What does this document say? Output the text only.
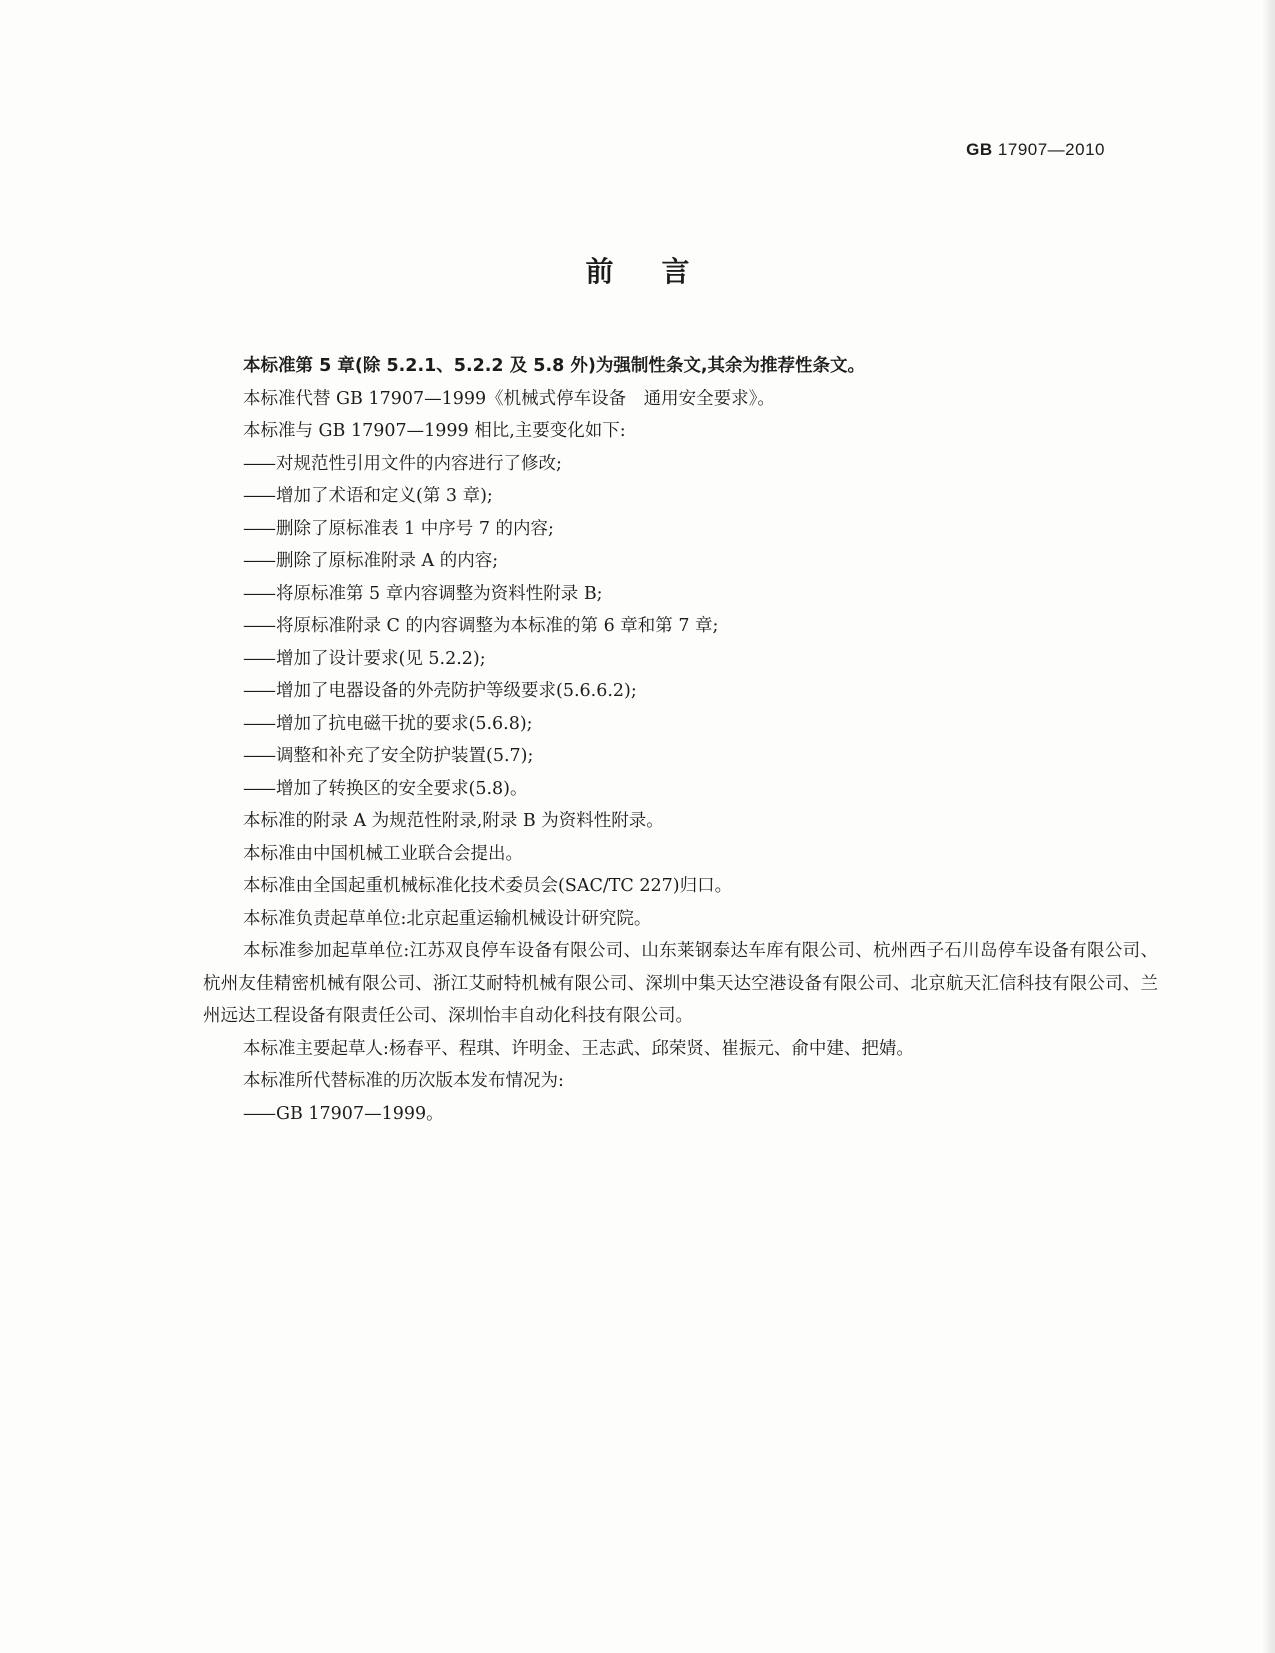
GB 17907—2010
前 言

本标准第 5 章(除 5.2.1、5.2.2 及 5.8 外)为强制性条文,其余为推荐性条文。

本标准代替 GB 17907—1999《机械式停车设备　通用安全要求》。

本标准与 GB 17907—1999 相比,主要变化如下:

—— 对规范性引用文件的内容进行了修改;
—— 增加了术语和定义(第 3 章);
—— 删除了原标准表 1 中序号 7 的内容;
—— 删除了原标准附录 A 的内容;
—— 将原标准第 5 章内容调整为资料性附录 B;
—— 将原标准附录 C 的内容调整为本标准的第 6 章和第 7 章;
—— 增加了设计要求(见 5.2.2);
—— 增加了电器设备的外壳防护等级要求(5.6.6.2);
—— 增加了抗电磁干扰的要求(5.6.8);
—— 调整和补充了安全防护装置(5.7);
—— 增加了转换区的安全要求(5.8)。

本标准的附录 A 为规范性附录,附录 B 为资料性附录。

本标准由中国机械工业联合会提出。

本标准由全国起重机械标准化技术委员会(SAC/TC 227)归口。

本标准负责起草单位:北京起重运输机械设计研究院。

本标准参加起草单位:江苏双良停车设备有限公司、山东莱钢泰达车库有限公司、杭州西子石川岛停车设备有限公司、杭州友佳精密机械有限公司、浙江艾耐特机械有限公司、深圳中集天达空港设备有限公司、北京航天汇信科技有限公司、兰州远达工程设备有限责任公司、深圳怡丰自动化科技有限公司。

本标准主要起草人:杨春平、程琪、许明金、王志武、邱荣贤、崔振元、俞中建、把婧。

本标准所代替标准的历次版本发布情况为:

—— GB 17907—1999。
